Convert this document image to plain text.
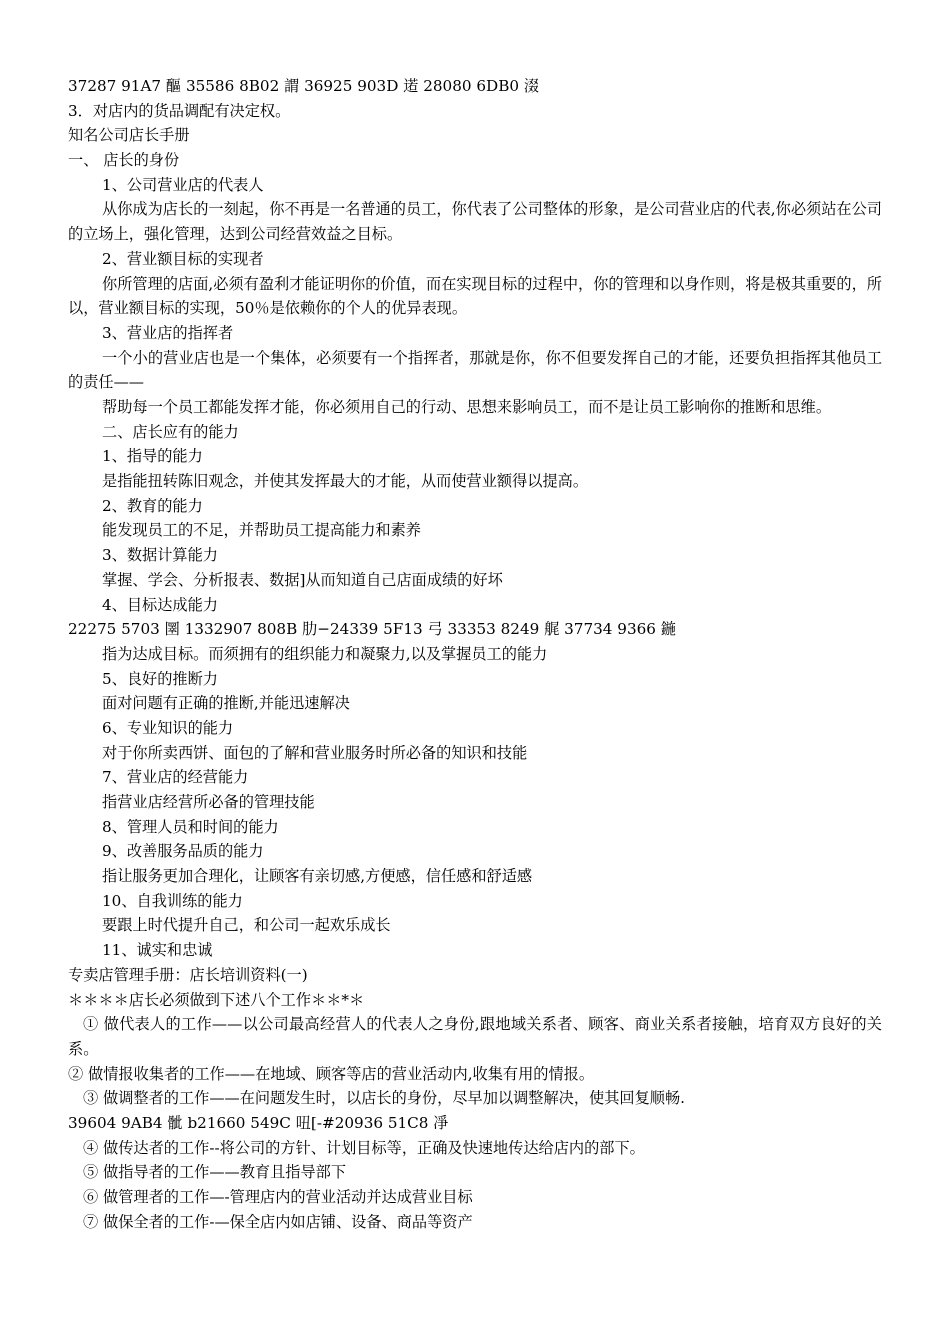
37287 91A7 醧 35586 8B02 謂 36925 903D 逽 28080 6DB0 涰
3．对店内的货品调配有决定权。
知名公司店长手册
一、 店长的身份
1、公司营业店的代表人

从你成为店长的一刻起，你不再是一名普通的员工，你代表了公司整体的形象，是公司营业店的代表,你必须站在公司的立场上，强化管理，达到公司经营效益之目标。

2、营业额目标的实现者

你所管理的店面,必须有盈利才能证明你的价值，而在实现目标的过程中，你的管理和以身作则，将是极其重要的，所以，营业额目标的实现，50％是依赖你的个人的优异表现。

3、营业店的指挥者

一个小的营业店也是一个集体，必须要有一个指挥者，那就是你，你不但要发挥自己的才能，还要负担指挥其他员工的责任——

帮助每一个员工都能发挥才能，你必须用自己的行动、思想来影响员工，而不是让员工影响你的推断和思维。

二、店长应有的能力
1、指导的能力
是指能扭转陈旧观念，并使其发挥最大的才能，从而使营业额得以提高。
2、教育的能力
能发现员工的不足，并帮助员工提高能力和素养
3、数据计算能力
掌握、学会、分析报表、数据]从而知道自己店面成绩的好坏
4、目标达成能力
22275 5703 圛 1332907 808B 肋−24339 5F13 弓 33353 8249 艉 37734 9366 鍦
指为达成目标。而须拥有的组织能力和凝聚力,以及掌握员工的能力
5、良好的推断力
面对问题有正确的推断,并能迅速解决
6、专业知识的能力
对于你所卖西饼、面包的了解和营业服务时所必备的知识和技能
7、营业店的经营能力
指营业店经营所必备的管理技能
8、管理人员和时间的能力
9、改善服务品质的能力
指让服务更加合理化，让顾客有亲切感,方便感，信任感和舒适感
10、自我训练的能力
要跟上时代提升自己，和公司一起欢乐成长
11、诚实和忠诚
专卖店管理手册：店长培训资料(一)
＊＊＊＊店长必须做到下述八个工作＊＊*＊

① 做代表人的工作——以公司最高经营人的代表人之身份,跟地域关系者、顾客、商业关系者接触，培育双方良好的关系。

② 做情报收集者的工作——在地域、顾客等店的营业活动内,收集有用的情报。
③ 做调整者的工作——在问题发生时，以店长的身份，尽早加以调整解决，使其回复顺畅.
39604 9AB4 骴 b21660 549C 吜[-#20936 51C8 凈
④ 做传达者的工作--将公司的方针、计划目标等，正确及快速地传达给店内的部下。
⑤ 做指导者的工作——教育且指导部下
⑥ 做管理者的工作—-管理店内的营业活动并达成营业目标
⑦ 做保全者的工作-—保全店内如店铺、设备、商品等资产
